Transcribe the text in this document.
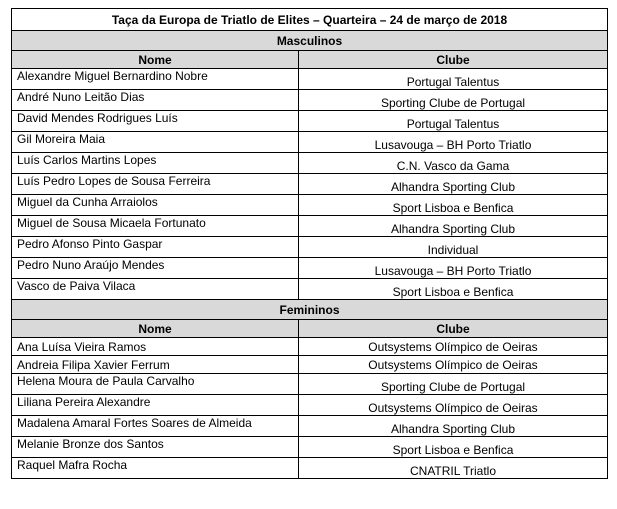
Taça da Europa de Triatlo de Elites – Quarteira – 24 de março de 2018	
Masculinos	
Nome	Clube
Alexandre Miguel Bernardino Nobre	Portugal Talentus
André Nuno Leitão Dias	Sporting Clube de Portugal
David Mendes Rodrigues Luís	Portugal Talentus
Gil Moreira Maia	Lusavouga – BH Porto Triatlo
Luís Carlos Martins Lopes	C.N. Vasco da Gama
Luís Pedro Lopes de Sousa Ferreira	Alhandra Sporting Club
Miguel da Cunha Arraiolos	Sport Lisboa e Benfica
Miguel de Sousa Micaela Fortunato	Alhandra Sporting Club
Pedro Afonso Pinto Gaspar	Individual
Pedro Nuno Araújo Mendes	Lusavouga – BH Porto Triatlo
Vasco de Paiva Vilaca	Sport Lisboa e Benfica
Femininos	
Nome	Clube
Ana Luísa Vieira Ramos	Outsystems Olímpico de Oeiras
Andreia Filipa Xavier Ferrum	Outsystems Olímpico de Oeiras
Helena Moura de Paula Carvalho	Sporting Clube de Portugal
Liliana Pereira Alexandre	Outsystems Olímpico de Oeiras
Madalena Amaral Fortes Soares de Almeida	Alhandra Sporting Club
Melanie Bronze dos Santos	Sport Lisboa e Benfica
Raquel Mafra Rocha	CNATRIL Triatlo
